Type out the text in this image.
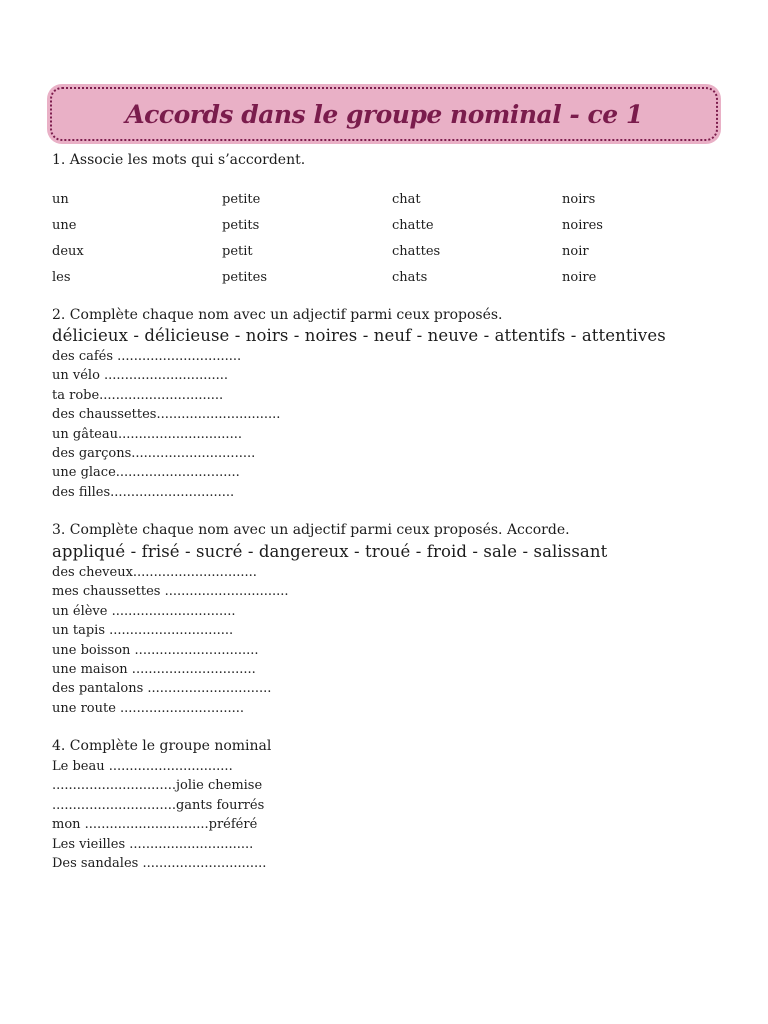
Accords dans le groupe nominal - ce 1

1. Associe les mots qui s’accordent.

un	petite	chat	noirs
une	petits	chatte	noires
deux	petit	chattes	noir
les	petites	chats	noire

2. Complète chaque nom avec un adjectif parmi ceux proposés.

délicieux - délicieuse - noirs - noires - neuf - neuve - attentifs - attentives

des cafés ..............................
un vélo ..............................
ta robe..............................
des chaussettes..............................
un gâteau..............................
des garçons..............................
une glace..............................
des filles..............................

3. Complète chaque nom avec un adjectif parmi ceux proposés. Accorde.

appliqué - frisé - sucré - dangereux - troué - froid - sale - salissant

des cheveux..............................
mes chaussettes ..............................
un élève ..............................
un tapis ..............................
une boisson ..............................
une maison ..............................
des pantalons ..............................
une route ..............................

4. Complète le groupe nominal

Le beau ..............................
..............................jolie chemise
..............................gants fourrés
mon ..............................préféré
Les vieilles ..............................
Des sandales ..............................
